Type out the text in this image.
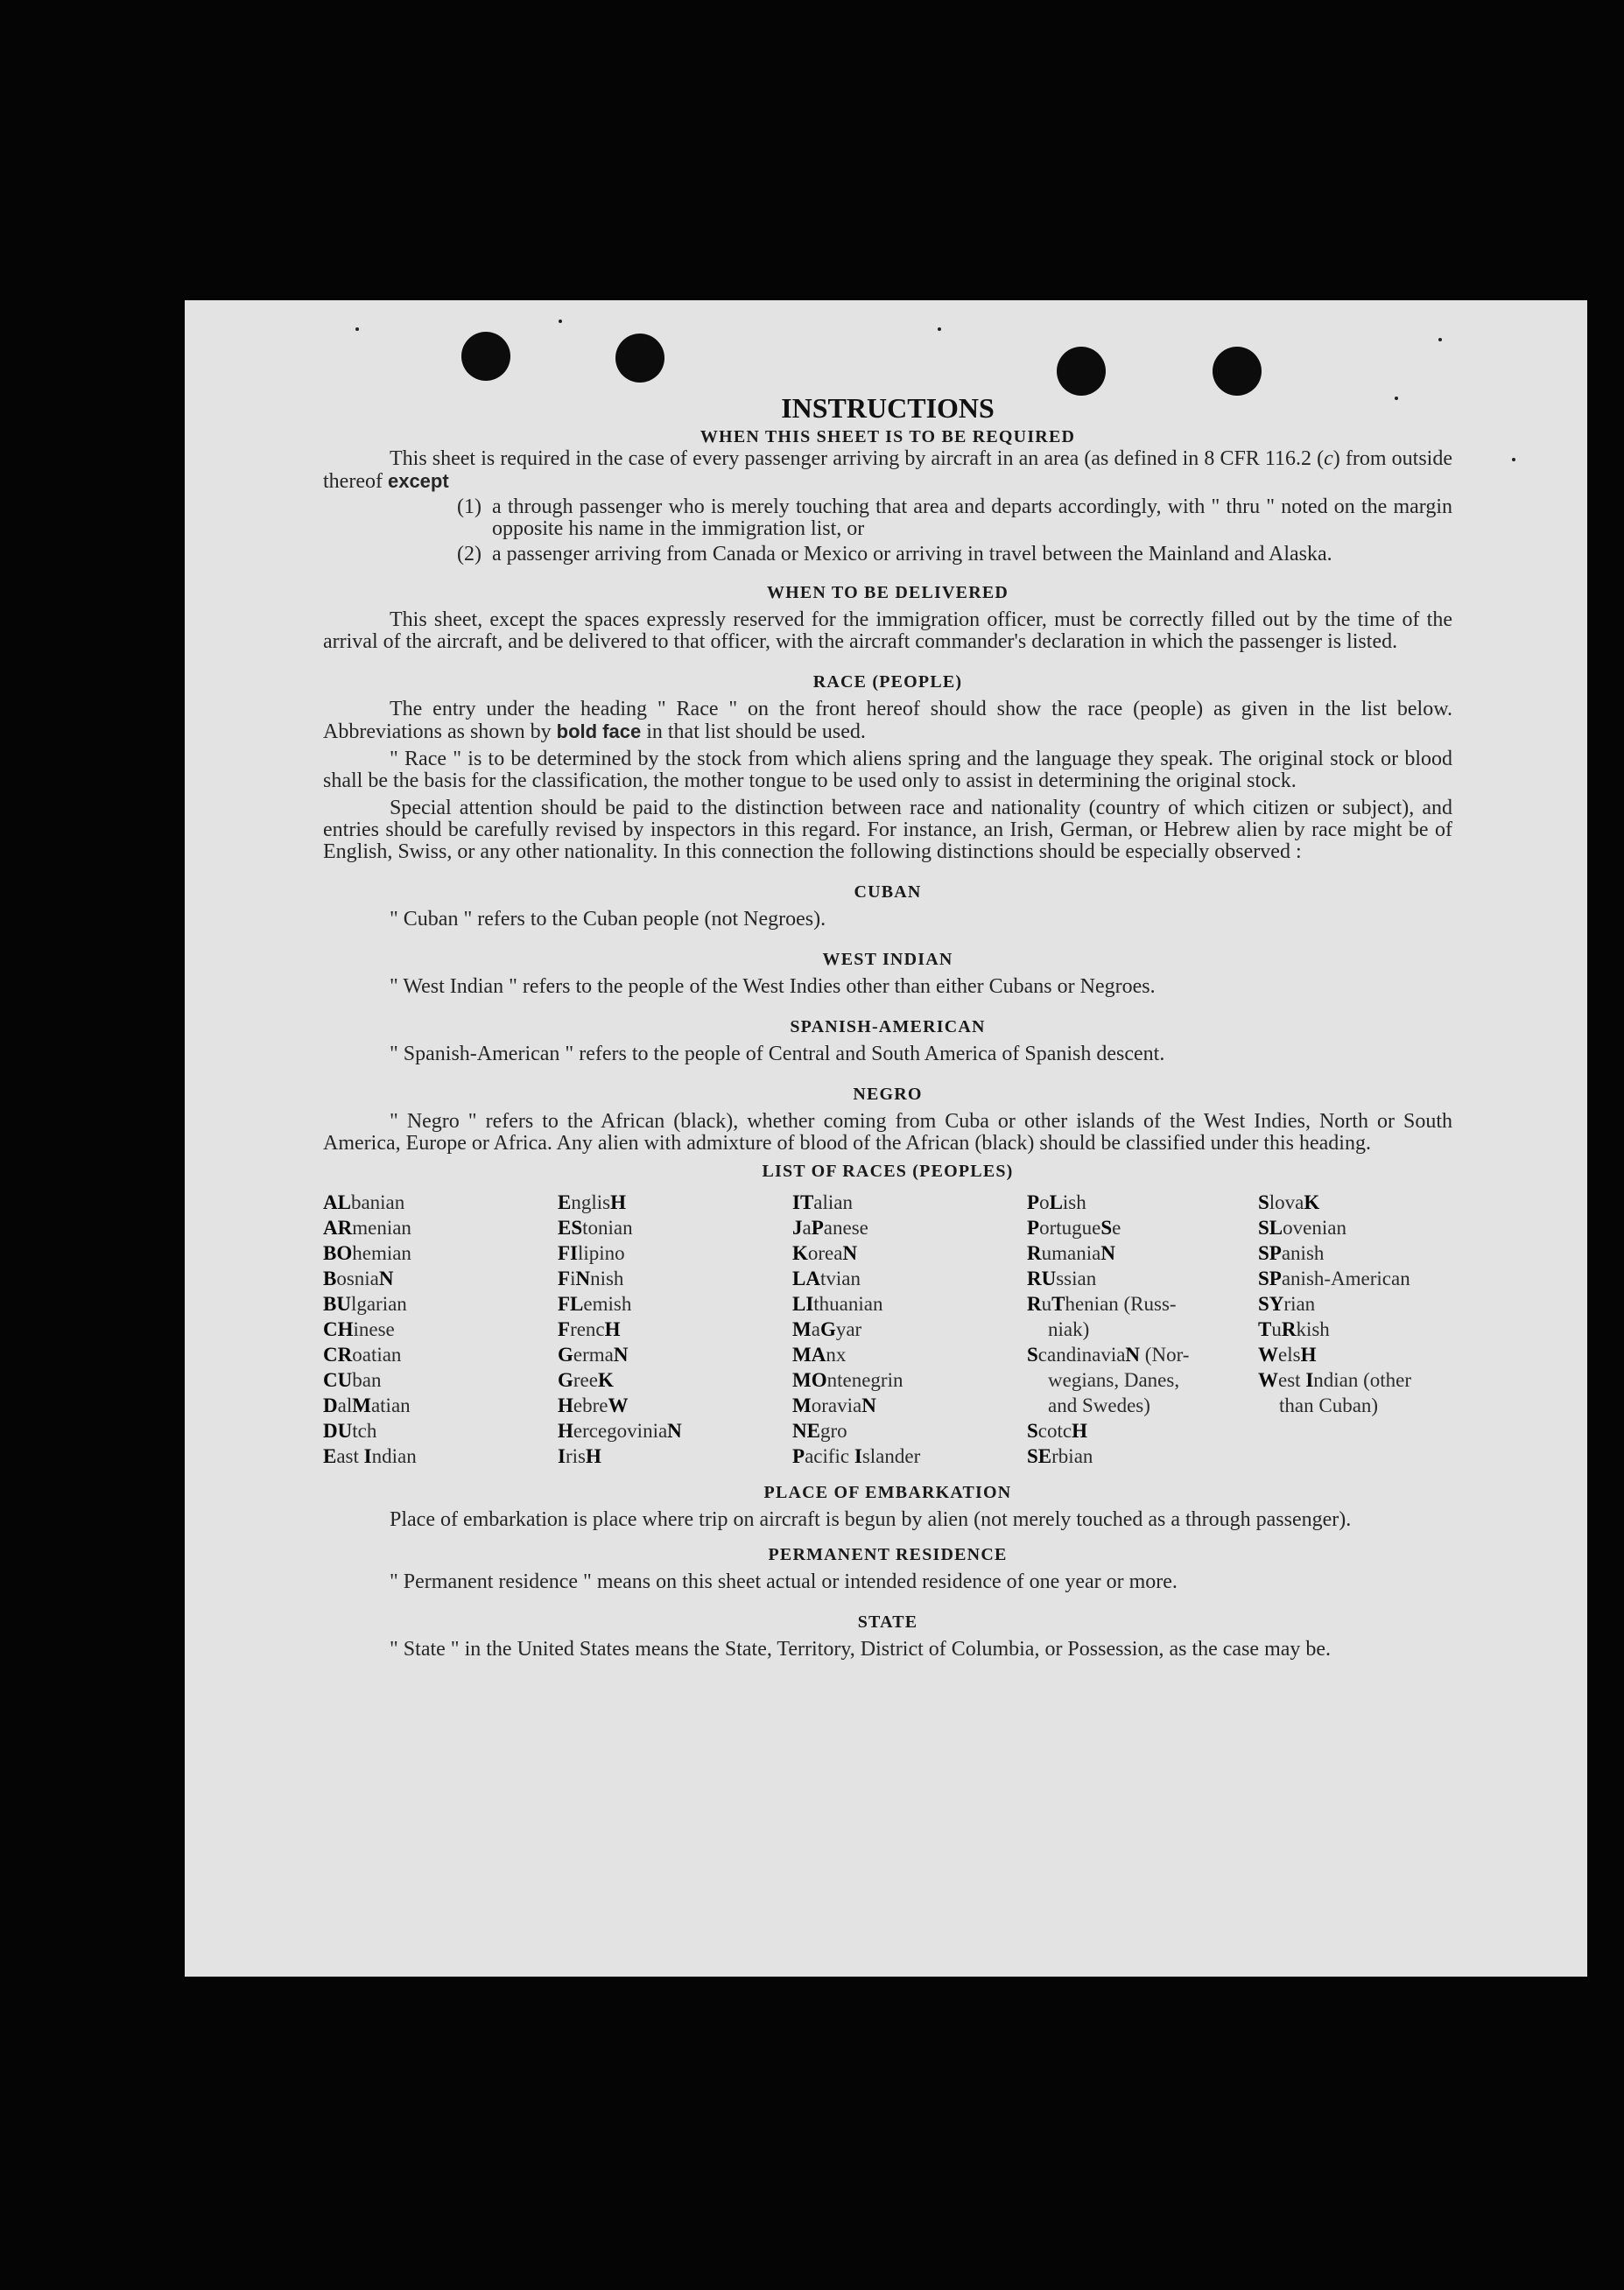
INSTRUCTIONS
WHEN THIS SHEET IS TO BE REQUIRED

This sheet is required in the case of every passenger arriving by aircraft in an area (as defined in 8 CFR 116.2 (c) from outside thereof except

(1) a through passenger who is merely touching that area and departs accordingly, with " thru " noted on the margin opposite his name in the immigration list, or
(2) a passenger arriving from Canada or Mexico or arriving in travel between the Mainland and Alaska.
WHEN TO BE DELIVERED

This sheet, except the spaces expressly reserved for the immigration officer, must be correctly filled out by the time of the arrival of the aircraft, and be delivered to that officer, with the aircraft commander's declaration in which the passenger is listed.

RACE (PEOPLE)

The entry under the heading " Race " on the front hereof should show the race (people) as given in the list below. Abbreviations as shown by bold face in that list should be used.

" Race " is to be determined by the stock from which aliens spring and the language they speak. The original stock or blood shall be the basis for the classification, the mother tongue to be used only to assist in determining the original stock.

Special attention should be paid to the distinction between race and nationality (country of which citizen or subject), and entries should be carefully revised by inspectors in this regard. For instance, an Irish, German, or Hebrew alien by race might be of English, Swiss, or any other nationality. In this connection the following distinctions should be especially observed :

CUBAN

" Cuban " refers to the Cuban people (not Negroes).

WEST INDIAN

" West Indian " refers to the people of the West Indies other than either Cubans or Negroes.

SPANISH-AMERICAN

" Spanish-American " refers to the people of Central and South America of Spanish descent.

NEGRO

" Negro " refers to the African (black), whether coming from Cuba or other islands of the West Indies, North or South America, Europe or Africa. Any alien with admixture of blood of the African (black) should be classified under this heading.

LIST OF RACES (PEOPLES)
ALbanian
ARmenian
BOhemian
BosniaN
BUlgarian
CHinese
CRoatian
CUban
DalMatian
DUtch
East Indian
EnglisH
EStonian
FIlipino
FiNnish
FLemish
FrencH
GermaN
GreeK
HebreW
HercegoviniaN
IrisH
ITalian
JaPanese
KoreaN
LAtvian
LIthuanian
MaGyar
MAnx
MOntenegrin
MoraviaN
NEgro
Pacific Islander
PoLish
PortugueSe
RumaniaN
RUssian
RuThenian (Russ-
niak)
ScandinaviaN (Nor-
wegians, Danes,
and Swedes)
ScotcH
SErbian
SlovaK
SLovenian
SPanish
SPanish-American
SYrian
TuRkish
WelsH
West Indian (other
than Cuban)
PLACE OF EMBARKATION

Place of embarkation is place where trip on aircraft is begun by alien (not merely touched as a through passenger).

PERMANENT RESIDENCE

" Permanent residence " means on this sheet actual or intended residence of one year or more.

STATE

" State " in the United States means the State, Territory, District of Columbia, or Possession, as the case may be.
